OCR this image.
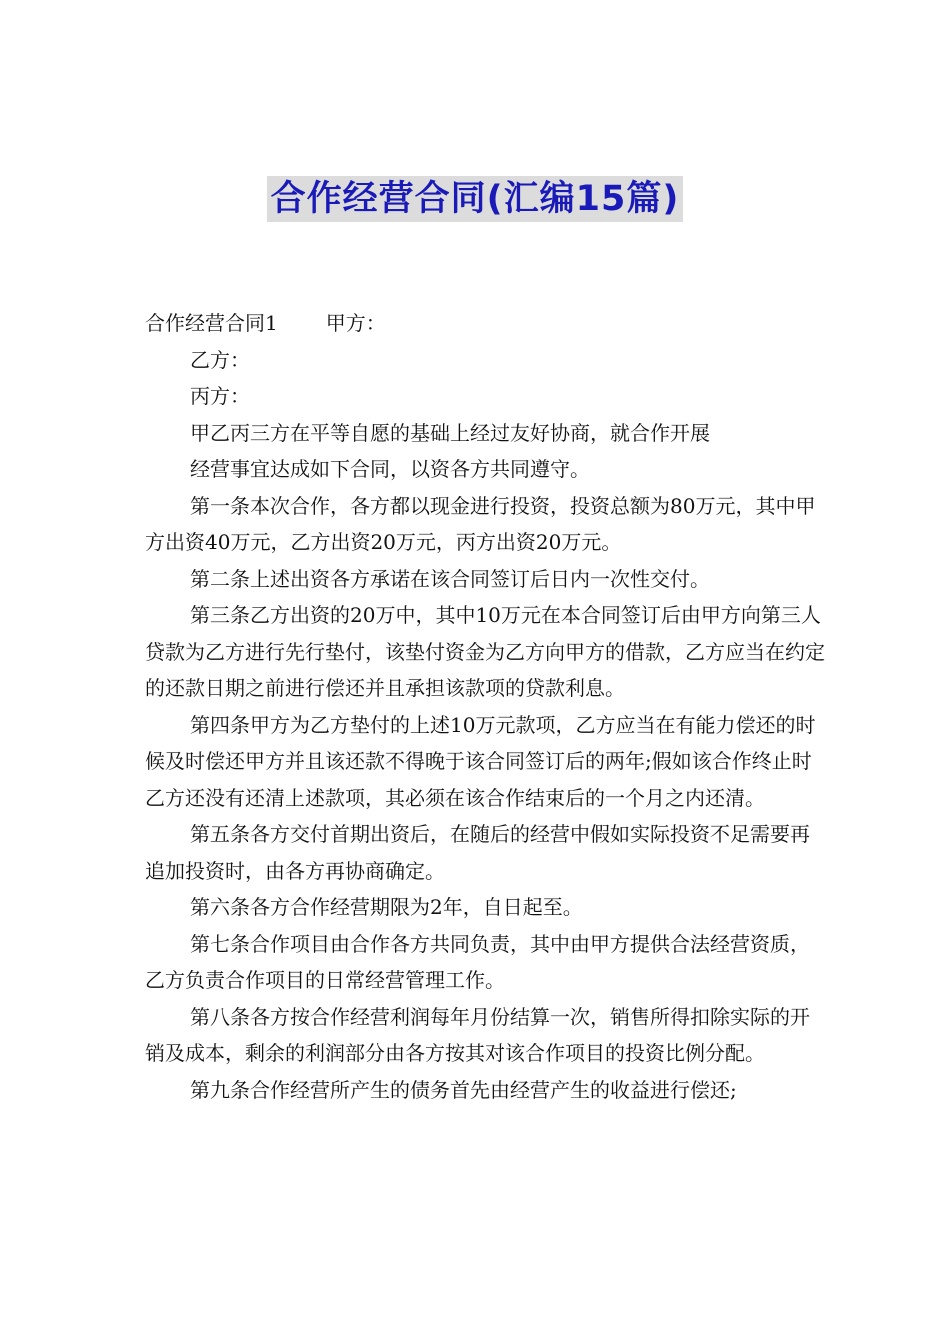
合作经营合同(汇编15篇)

合作经营合同1 甲方：

乙方：

丙方：

甲乙丙三方在平等自愿的基础上经过友好协商，就合作开展

经营事宜达成如下合同，以资各方共同遵守。

第一条本次合作，各方都以现金进行投资，投资总额为80万元，其中甲方出资40万元，乙方出资20万元，丙方出资20万元。

第二条上述出资各方承诺在该合同签订后日内一次性交付。

第三条乙方出资的20万中，其中10万元在本合同签订后由甲方向第三人贷款为乙方进行先行垫付，该垫付资金为乙方向甲方的借款，乙方应当在约定的还款日期之前进行偿还并且承担该款项的贷款利息。

第四条甲方为乙方垫付的上述10万元款项，乙方应当在有能力偿还的时候及时偿还甲方并且该还款不得晚于该合同签订后的两年;假如该合作终止时乙方还没有还清上述款项，其必须在该合作结束后的一个月之内还清。

第五条各方交付首期出资后，在随后的经营中假如实际投资不足需要再追加投资时，由各方再协商确定。

第六条各方合作经营期限为2年，自日起至。

第七条合作项目由合作各方共同负责，其中由甲方提供合法经营资质，乙方负责合作项目的日常经营管理工作。

第八条各方按合作经营利润每年月份结算一次，销售所得扣除实际的开销及成本，剩余的利润部分由各方按其对该合作项目的投资比例分配。

第九条合作经营所产生的债务首先由经营产生的收益进行偿还;
